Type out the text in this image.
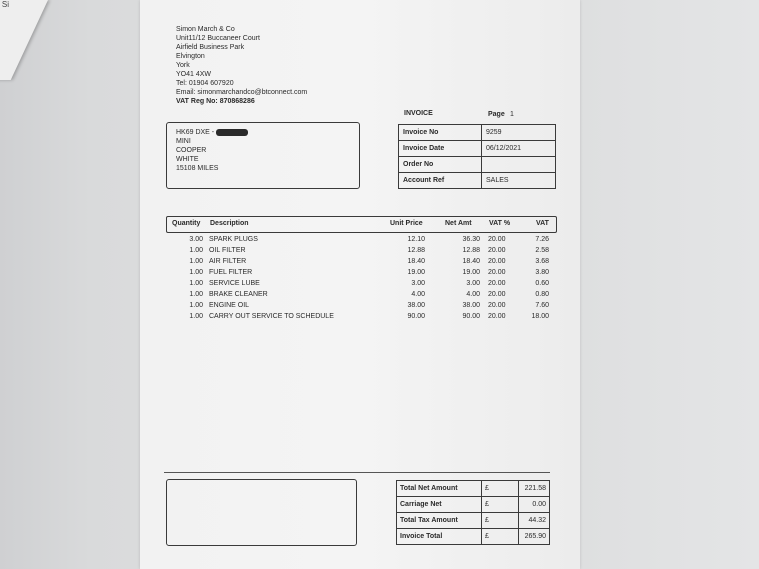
Si
Simon March & Co
Unit11/12 Buccaneer Court
Airfield Business Park
Elvington
York
YO41 4XW
Tel: 01904 607920
Email: simonmarchandco@btconnect.com
VAT Reg No: 870868286
INVOICE	Page 1
HK69 DXE -
MINI
COOPER
WHITE
15108 MILES
Invoice No	9259
Invoice Date	06/12/2021
Order No	
Account Ref	SALES
Quantity Description	Unit Price	Net Amt VAT %	VAT
3.00 SPARK PLUGS	12.10	36.30 20.00	7.26
1.00 OIL FILTER	12.88	12.88 20.00	2.58
1.00 AIR FILTER	18.40	18.40 20.00	3.68
1.00 FUEL FILTER	19.00	19.00 20.00	3.80
1.00 SERVICE LUBE	3.00	3.00 20.00	0.60
1.00 BRAKE CLEANER	4.00	4.00 20.00	0.80
1.00 ENGINE OIL	38.00	38.00 20.00	7.60
1.00 CARRY OUT SERVICE TO SCHEDULE	90.00	90.00 20.00	18.00
Total Net Amount	£	221.58
Carriage Net	£	0.00
Total Tax Amount	£	44.32
Invoice Total	£	265.90
